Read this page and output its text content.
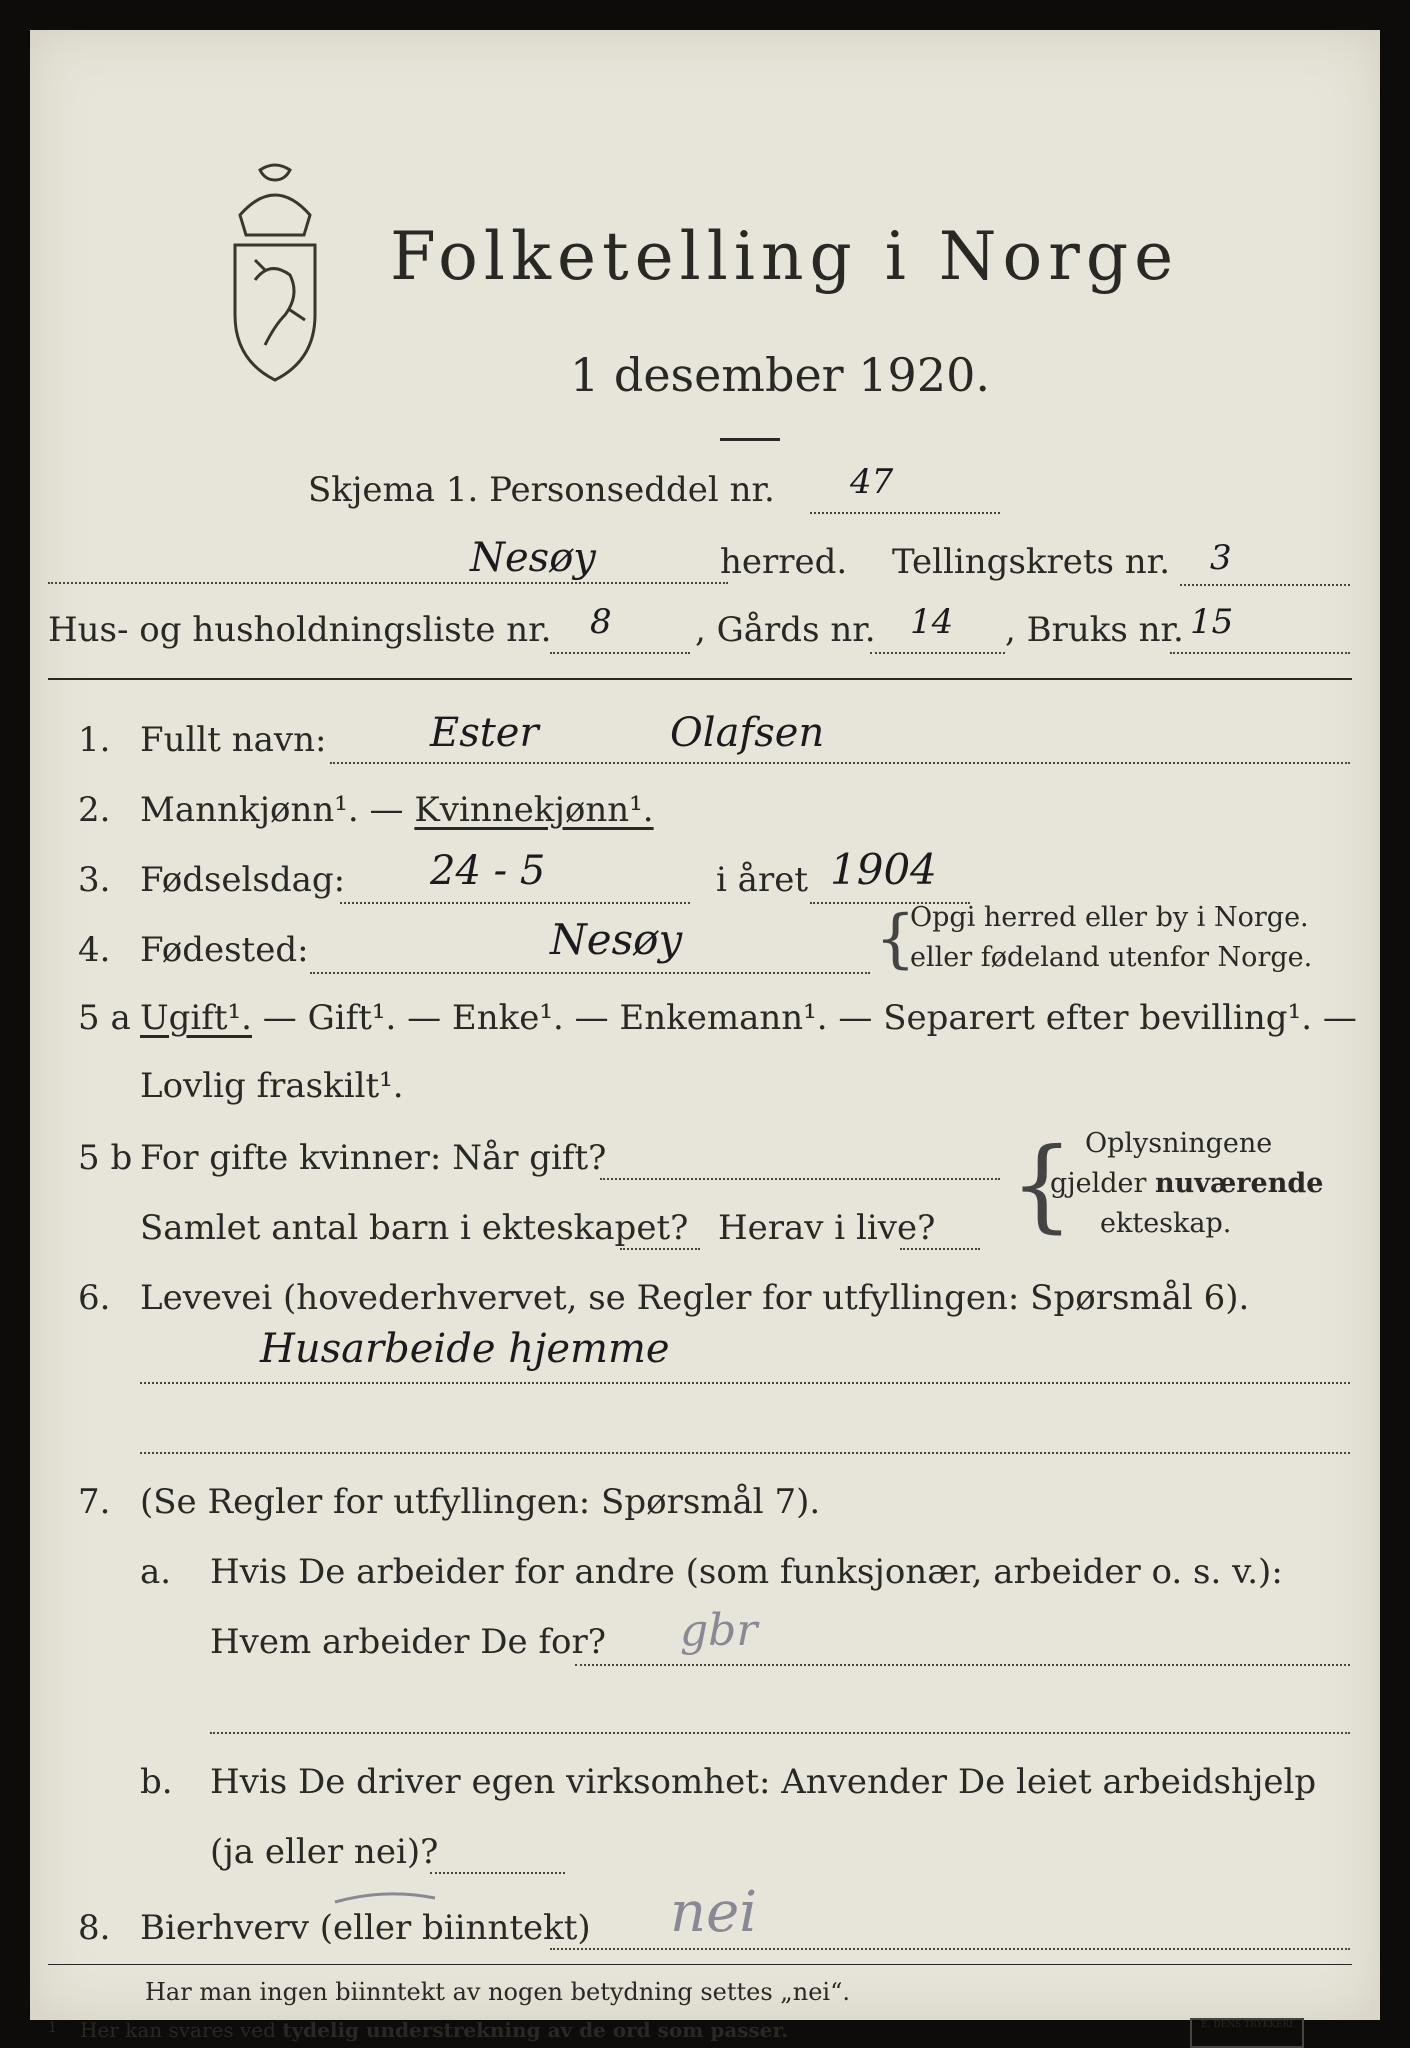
Folketelling i Norge
1 desember 1920.
Skjema 1. Personseddel nr. 47
Nesøy	herred. Tellingskrets nr. 3
Hus- og husholdningsliste nr. 8 , Gårds nr. 14 , Bruks nr. 15
1. Fullt navn:	Ester	Olafsen
2. Mannkjønn¹. — Kvinnekjønn¹.
3. Fødselsdag: 24 - 5	i året 1904
4. Fødested:	Nesøy	{
Opgi herred eller by i Norge.
eller fødeland utenfor Norge.
5 a Ugift¹. — Gift¹. — Enke¹. — Enkemann¹. — Separert efter bevilling¹. —
Lovlig fraskilt¹.
5 b For gifte kvinner: Når gift?
Samlet antal barn i ekteskapet? Herav i live? { Oplysningene
gjelder nuværende
ekteskap.
6. Levevei (hovederhvervet, se Regler for utfyllingen: Spørsmål 6).
Husarbeide hjemme
7. (Se Regler for utfyllingen: Spørsmål 7).
a. Hvis De arbeider for andre (som funksjonær, arbeider o. s. v.):
Hvem arbeider De for? gbr
b. Hvis De driver egen virksomhet: Anvender De leiet arbeidshjelp
(ja eller nei)?
8. Bierhverv (eller biinntekt) nei
Har man ingen biinntekt av nogen betydning settes „nei“.
1 Her kan svares ved tydelig understrekning av de ord som passer.	E. DENS TRYKKERI
